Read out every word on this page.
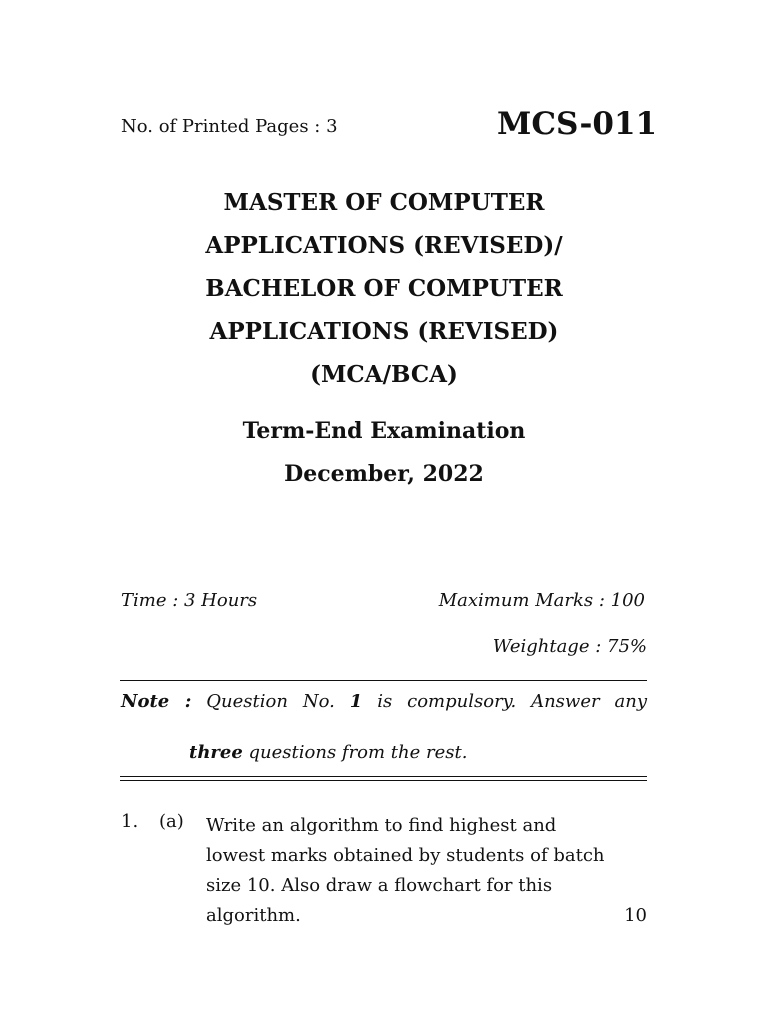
No. of Printed Pages : 3	MCS-011
MASTER OF COMPUTER
APPLICATIONS (REVISED)/
BACHELOR OF COMPUTER
APPLICATIONS (REVISED)
(MCA/BCA)
Term-End Examination
December, 2022
Time : 3 Hours	Maximum Marks : 100
Weightage : 75%
Note : Question No. 1 is compulsory. Answer any
three questions from the rest.
1. (a) Write an algorithm to find highest and
lowest marks obtained by students of batch
size 10. Also draw a flowchart for this
algorithm.	10
